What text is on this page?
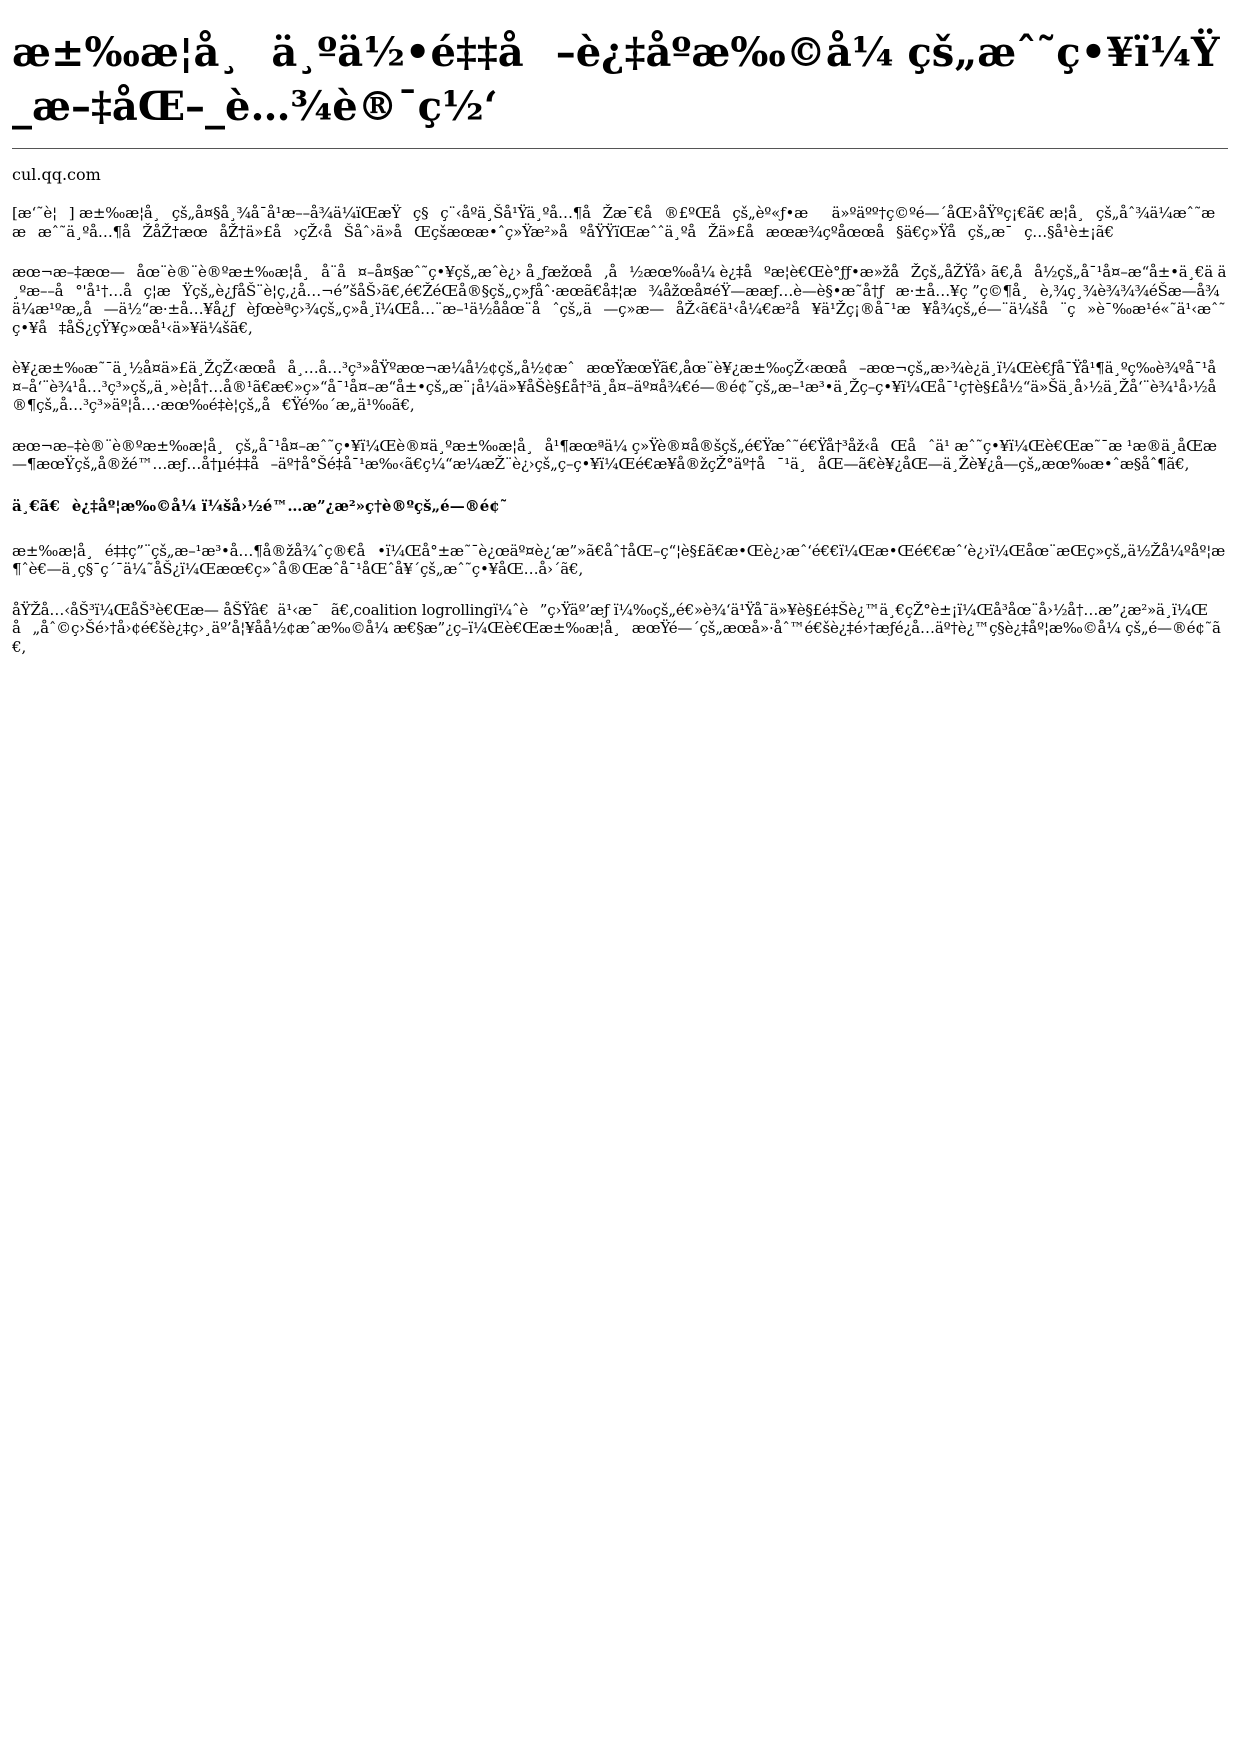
æ±‰æ¦å¸ä¸ºä½•é‡‡å–è¿‡åºæ‰©å¼ çš„æˆ˜ç•¥ï¼Ÿ_æ–‡åŒ–_è…¾è®¯ç½‘
cul.qq.com

[æ‘˜è¦] æ±‰æ¦å¸çš„å¤§å¸¾å¯å¹æ––å¾ä¼ïŒæŸç§ç¨‹åºä¸Šå¹Ÿä¸ºå…¶åŽæ¯€å®£ºŒåçš„èº«ƒ•æä»ºäºº†ç©ºé—´åŒ›åŸºç¡€ã€ æ¦å¸çš„åˆ¾ä¼æˆ˜æææˆ˜ä¸ºå…¶åŽåŽ†æœåŽ†ä»£å›çŽ‹åŠåˆ›ä»åŒçšæœæ•ˆç»Ÿæ²»åºåŸŸïŒæˆˆä¸ºåŽä»£åæœæ¾çºåœœå§ä€ç»Ÿåçš„æ¯ç…§å¹è±¡ã€

æœ¬æ–‡æœ—åœ¨è®¨è®ºæ±‰æ¦å¸å¨å¤–å¤§æˆ˜ç•¥çš„æˆè¿› å¸ƒæžœå‚å½æœ‰å¼ è¿‡åºæ¦è€Œè°ƒƒ•æ»žåŽçš„åŽŸå› ã€‚åå½çš„å¯¹å¤–æ“å±•ä¸€ä ä¸ºæ––å°'å¹†…åç¦æŸçš„è¿ƒåŠ¨è¦ç‚¿å…¬é”šåŠ›ã€‚é€ŽéŒå®§çš„ç»ƒåˆ·æœã€å‡¦æ¾åžœå¤éŸ—ææƒ…è—è§•æ˜å†ƒæ·±å…¥ç ”ç©¶å¸è‚¾ç¸¾è¾¾¾éŠæ—å¾ä¼æ¹ºæ„å—ä½“æ·±å…¥å¿ƒèƒœèªç›¾çš„ç»å¸ï¼Œå…¨æ–¹ä½ååœ¨åˆçš„ä—ç»æ—åŽ‹ã€ä¹‹å¼€æ²å¥ä¹Žç¡®å¯¹æ¥å¾çš„é—¨ä¼šå¨ç»è¯‰æ¹é«˜ä¹‹æˆ˜ç•¥å‡åŠ¿çŸ¥ç»œå¹‹ä»¥ä¼šã€‚

è¥¿æ±‰æ˜¯ä¸½å¤ä»£ä¸ŽçŽ‹æœåå¸…å…³ç³»åŸºæœ¬æ¼å½¢çš„å½¢æˆæœŸæœŸã€‚åœ¨è¥¿æ±‰çŽ‹æœå–æœ¬çš„æ›¾è¿ä¸ï¼Œè€ƒå¯Ÿå¹¶ä¸ºç‰è¾ºå¯¹å¤–å‘¨è¾¹å…³ç³»çš„ä¸»è¦å†…å®¹ã€æ€»ç»“å¯¹å¤–æ“å±•çš„æ¨¡å¼ä»¥åŠè§£å†³ä¸å¤–äº¤å¾€é—®é¢˜çš„æ–¹æ³•ä¸Žç–ç•¥ï¼Œå¯¹ç†è§£å½“ä»Šä¸å›½ä¸Žå‘¨è¾¹å›½å®¶çš„å…³ç³»äº¦å…·æœ‰é‡è¦çš„å€Ÿé‰´æ„ä¹‰ã€‚

æœ¬æ–‡è®¨è®ºæ±‰æ¦å¸çš„å¯¹å¤–æˆ˜ç•¥ï¼Œè®¤ä¸ºæ±‰æ¦å¸å¹¶æœªä¼ ç»Ÿè®¤å®šçš„é€Ÿæˆ˜é€Ÿå†³åž‹åŒåˆä¹ æˆ˜ç•¥ï¼Œè€Œæ˜¯æ ¹æ®ä¸åŒæ—¶æœŸçš„å®žé™…æƒ…å†µé‡‡å–äº†å°Šé‡å¯¹æ‰‹ã€ç¼“æ¼æŽ¨è¿›çš„ç–ç•¥ï¼Œé€æ¥å®žçŽ°äº†å¯¹ä¸åŒ—ã€è¥¿åŒ—ä¸Žè¥¿å—çš„æœ‰æ•ˆæ§åˆ¶ã€‚

ä¸€ã€è¿‡åº¦æ‰©å¼ ï¼šå›½é™…æ”¿æ²»ç†è®ºçš„é—®é¢˜

æ±‰æ¦å¸é‡‡ç”¨çš„æ–¹æ³•å…¶å®žå¾ˆç®€å•ï¼Œå°±æ˜¯è¿œäº¤è¿‘æ”»ã€åˆ†åŒ–ç“¦è§£ã€æ•Œè¿›æˆ‘é€€ï¼Œæ•Œé€€æˆ‘è¿›ï¼Œåœ¨æŒç»çš„ä½Žå¼ºåº¦æ¶ˆè€—ä¸ç§¯ç´¯ä¼˜åŠ¿ï¼Œæœ€ç»ˆå®Œæˆå¯¹åŒˆå¥´çš„æˆ˜ç•¥åŒ…å›´ã€‚

åŸŽå…‹åŠ³ï¼ŒåŠ³è€Œæ— åŠŸâ€ä¹‹æ¯ã€‚coalition logrollingï¼ˆè”ç›Ÿäº’æƒ ï¼‰çš„é€»è¾‘ä¹Ÿå¯ä»¥è§£é‡Šè¿™ä¸€çŽ°è±¡ï¼Œå³åœ¨å›½å†…æ”¿æ²»ä¸ï¼Œå„åˆ©ç›Šé›†å›¢é€šè¿‡ç›¸äº’å¦¥åå½¢æˆæ‰©å¼ æ€§æ”¿ç–ï¼Œè€Œæ±‰æ¦å¸æœŸé—´çš„æœå»·åˆ™é€šè¿‡é›†æƒé¿å…äº†è¿™ç§è¿‡åº¦æ‰©å¼ çš„é—®é¢˜ã€‚
